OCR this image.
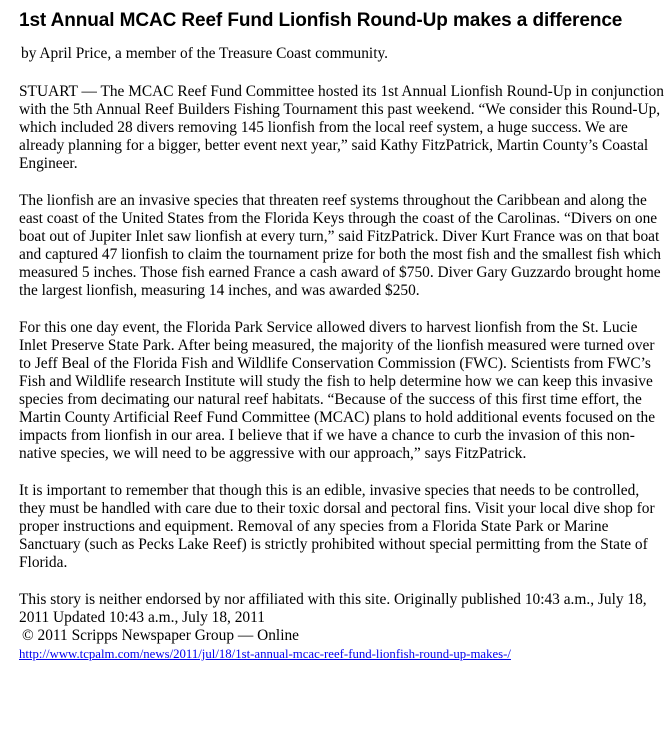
1st Annual MCAC Reef Fund Lionfish Round-Up makes a difference

by April Price, a member of the Treasure Coast community.

STUART — The MCAC Reef Fund Committee hosted its 1st Annual Lionfish Round-Up in conjunction with the 5th Annual Reef Builders Fishing Tournament this past weekend. “We consider this Round-Up, which included 28 divers removing 145 lionfish from the local reef system, a huge success. We are already planning for a bigger, better event next year,” said Kathy FitzPatrick, Martin County’s Coastal Engineer.

The lionfish are an invasive species that threaten reef systems throughout the Caribbean and along the east coast of the United States from the Florida Keys through the coast of the Carolinas. “Divers on one boat out of Jupiter Inlet saw lionfish at every turn,” said FitzPatrick. Diver Kurt France was on that boat and captured 47 lionfish to claim the tournament prize for both the most fish and the smallest fish which measured 5 inches. Those fish earned France a cash award of $750. Diver Gary Guzzardo brought home the largest lionfish, measuring 14 inches, and was awarded $250.

For this one day event, the Florida Park Service allowed divers to harvest lionfish from the St. Lucie Inlet Preserve State Park. After being measured, the majority of the lionfish measured were turned over to Jeff Beal of the Florida Fish and Wildlife Conservation Commission (FWC). Scientists from FWC’s Fish and Wildlife research Institute will study the fish to help determine how we can keep this invasive species from decimating our natural reef habitats. “Because of the success of this first time effort, the Martin County Artificial Reef Fund Committee (MCAC) plans to hold additional events focused on the impacts from lionfish in our area. I believe that if we have a chance to curb the invasion of this non-native species, we will need to be aggressive with our approach,” says FitzPatrick.

It is important to remember that though this is an edible, invasive species that needs to be controlled, they must be handled with care due to their toxic dorsal and pectoral fins. Visit your local dive shop for proper instructions and equipment. Removal of any species from a Florida State Park or Marine Sanctuary (such as Pecks Lake Reef) is strictly prohibited without special permitting from the State of Florida.

This story is neither endorsed by nor affiliated with this site. Originally published 10:43 a.m., July 18, 2011 Updated 10:43 a.m., July 18, 2011
© 2011 Scripps Newspaper Group — Online
http://www.tcpalm.com/news/2011/jul/18/1st-annual-mcac-reef-fund-lionfish-round-up-makes-/
